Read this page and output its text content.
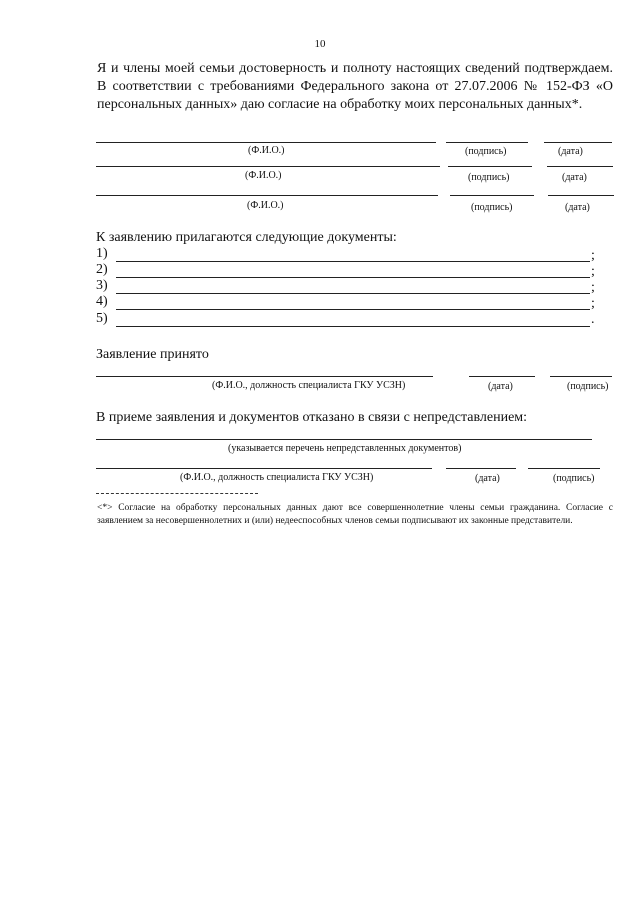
10
Я и члены моей семьи достоверность и полноту настоящих сведений подтверждаем. В соответствии с требованиями Федерального закона от 27.07.2006 № 152-ФЗ «О персональных данных» даю согласие на обработку моих персональных данных*.
(Ф.И.О.)	(подпись)	(дата)
(Ф.И.О.)	(подпись)	(дата)
(Ф.И.О.)	(подпись)	(дата)
К заявлению прилагаются следующие документы:
1)	;
2)	;
3)	;
4)	;
5)	.
Заявление принято
(Ф.И.О., должность специалиста ГКУ УСЗН)	(дата)	(подпись)
В приеме заявления и документов отказано в связи с непредставлением:
(указывается перечень непредставленных документов)
(Ф.И.О., должность специалиста ГКУ УСЗН)	(дата)	(подпись)
<*> Согласие на обработку персональных данных дают все совершеннолетние члены семьи гражданина. Согласие с заявлением за несовершеннолетних и (или) недееспособных членов семьи подписывают их законные представители.
